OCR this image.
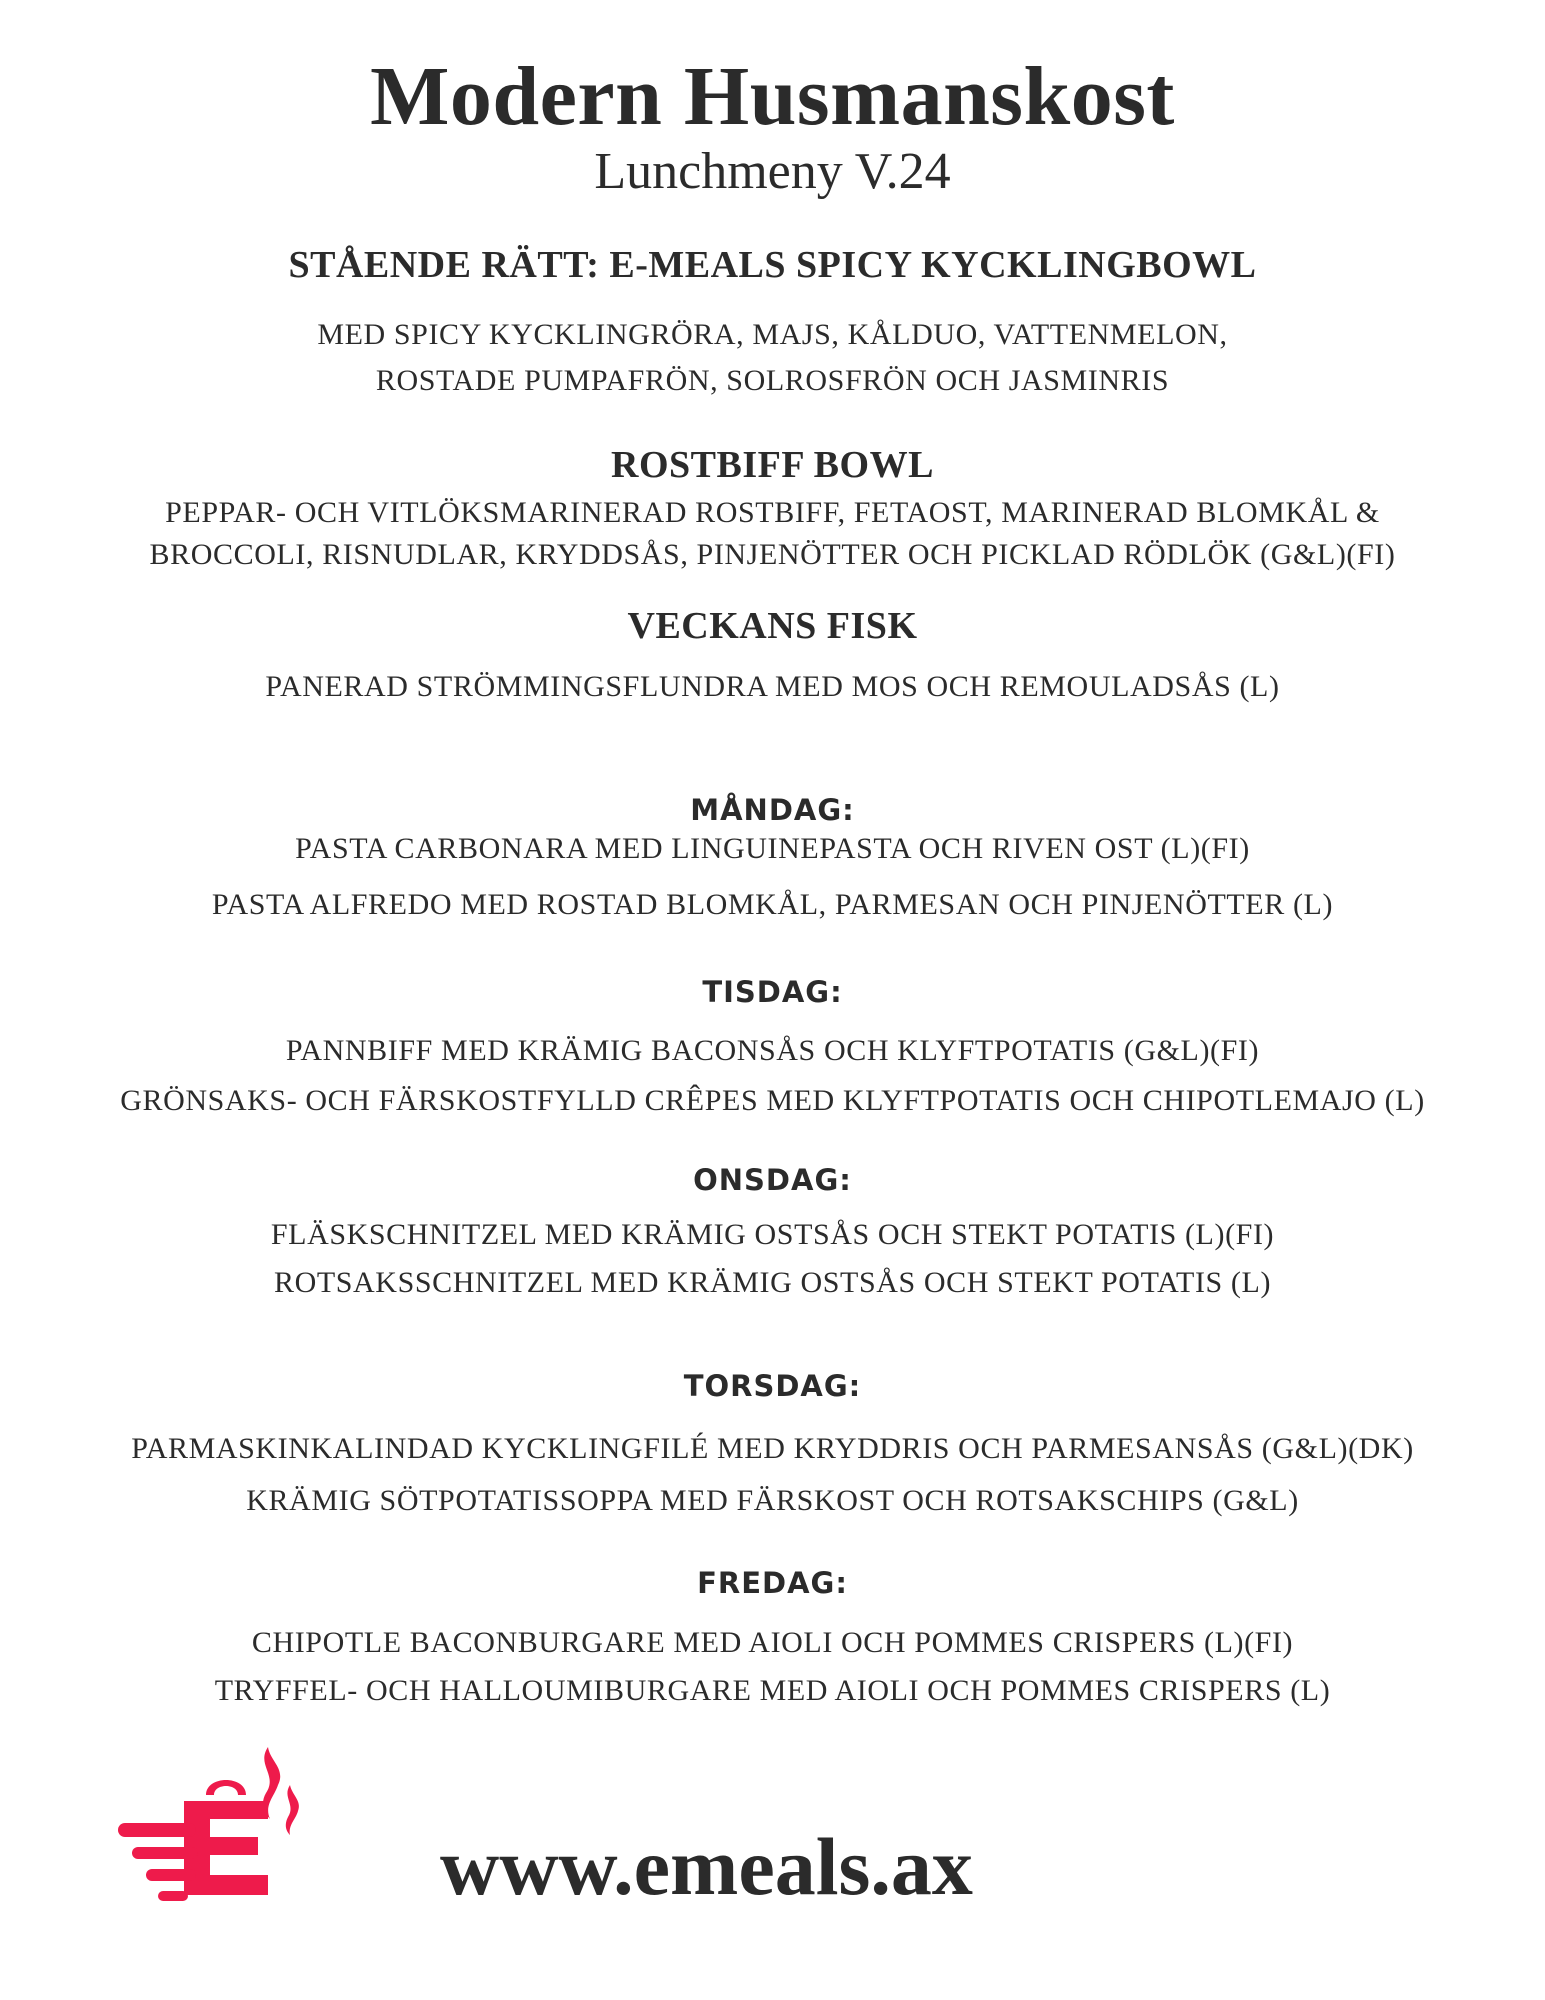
Modern Husmanskost
Lunchmeny V.24
STÅENDE RÄTT: E-MEALS SPICY KYCKLINGBOWL
MED SPICY KYCKLINGRÖRA, MAJS, KÅLDUO, VATTENMELON,
ROSTADE PUMPAFRÖN, SOLROSFRÖN OCH JASMINRIS
ROSTBIFF BOWL
PEPPAR- OCH VITLÖKSMARINERAD ROSTBIFF, FETAOST, MARINERAD BLOMKÅL &
BROCCOLI, RISNUDLAR, KRYDDSÅS, PINJENÖTTER OCH PICKLAD RÖDLÖK (G&L)(FI)
VECKANS FISK
PANERAD STRÖMMINGSFLUNDRA MED MOS OCH REMOULADSÅS (L)
MÅNDAG:
PASTA CARBONARA MED LINGUINEPASTA OCH RIVEN OST (L)(FI)
PASTA ALFREDO MED ROSTAD BLOMKÅL, PARMESAN OCH PINJENÖTTER (L)
TISDAG:
PANNBIFF MED KRÄMIG BACONSÅS OCH KLYFTPOTATIS (G&L)(FI)
GRÖNSAKS- OCH FÄRSKOSTFYLLD CRÊPES MED KLYFTPOTATIS OCH CHIPOTLEMAJO (L)
ONSDAG:
FLÄSKSCHNITZEL MED KRÄMIG OSTSÅS OCH STEKT POTATIS (L)(FI)
ROTSAKSSCHNITZEL MED KRÄMIG OSTSÅS OCH STEKT POTATIS (L)
TORSDAG:
PARMASKINKALINDAD KYCKLINGFILÉ MED KRYDDRIS OCH PARMESANSÅS (G&L)(DK)
KRÄMIG SÖTPOTATISSOPPA MED FÄRSKOST OCH ROTSAKSCHIPS (G&L)
FREDAG:
CHIPOTLE BACONBURGARE MED AIOLI OCH POMMES CRISPERS (L)(FI)
TRYFFEL- OCH HALLOUMIBURGARE MED AIOLI OCH POMMES CRISPERS (L)
www.emeals.ax
